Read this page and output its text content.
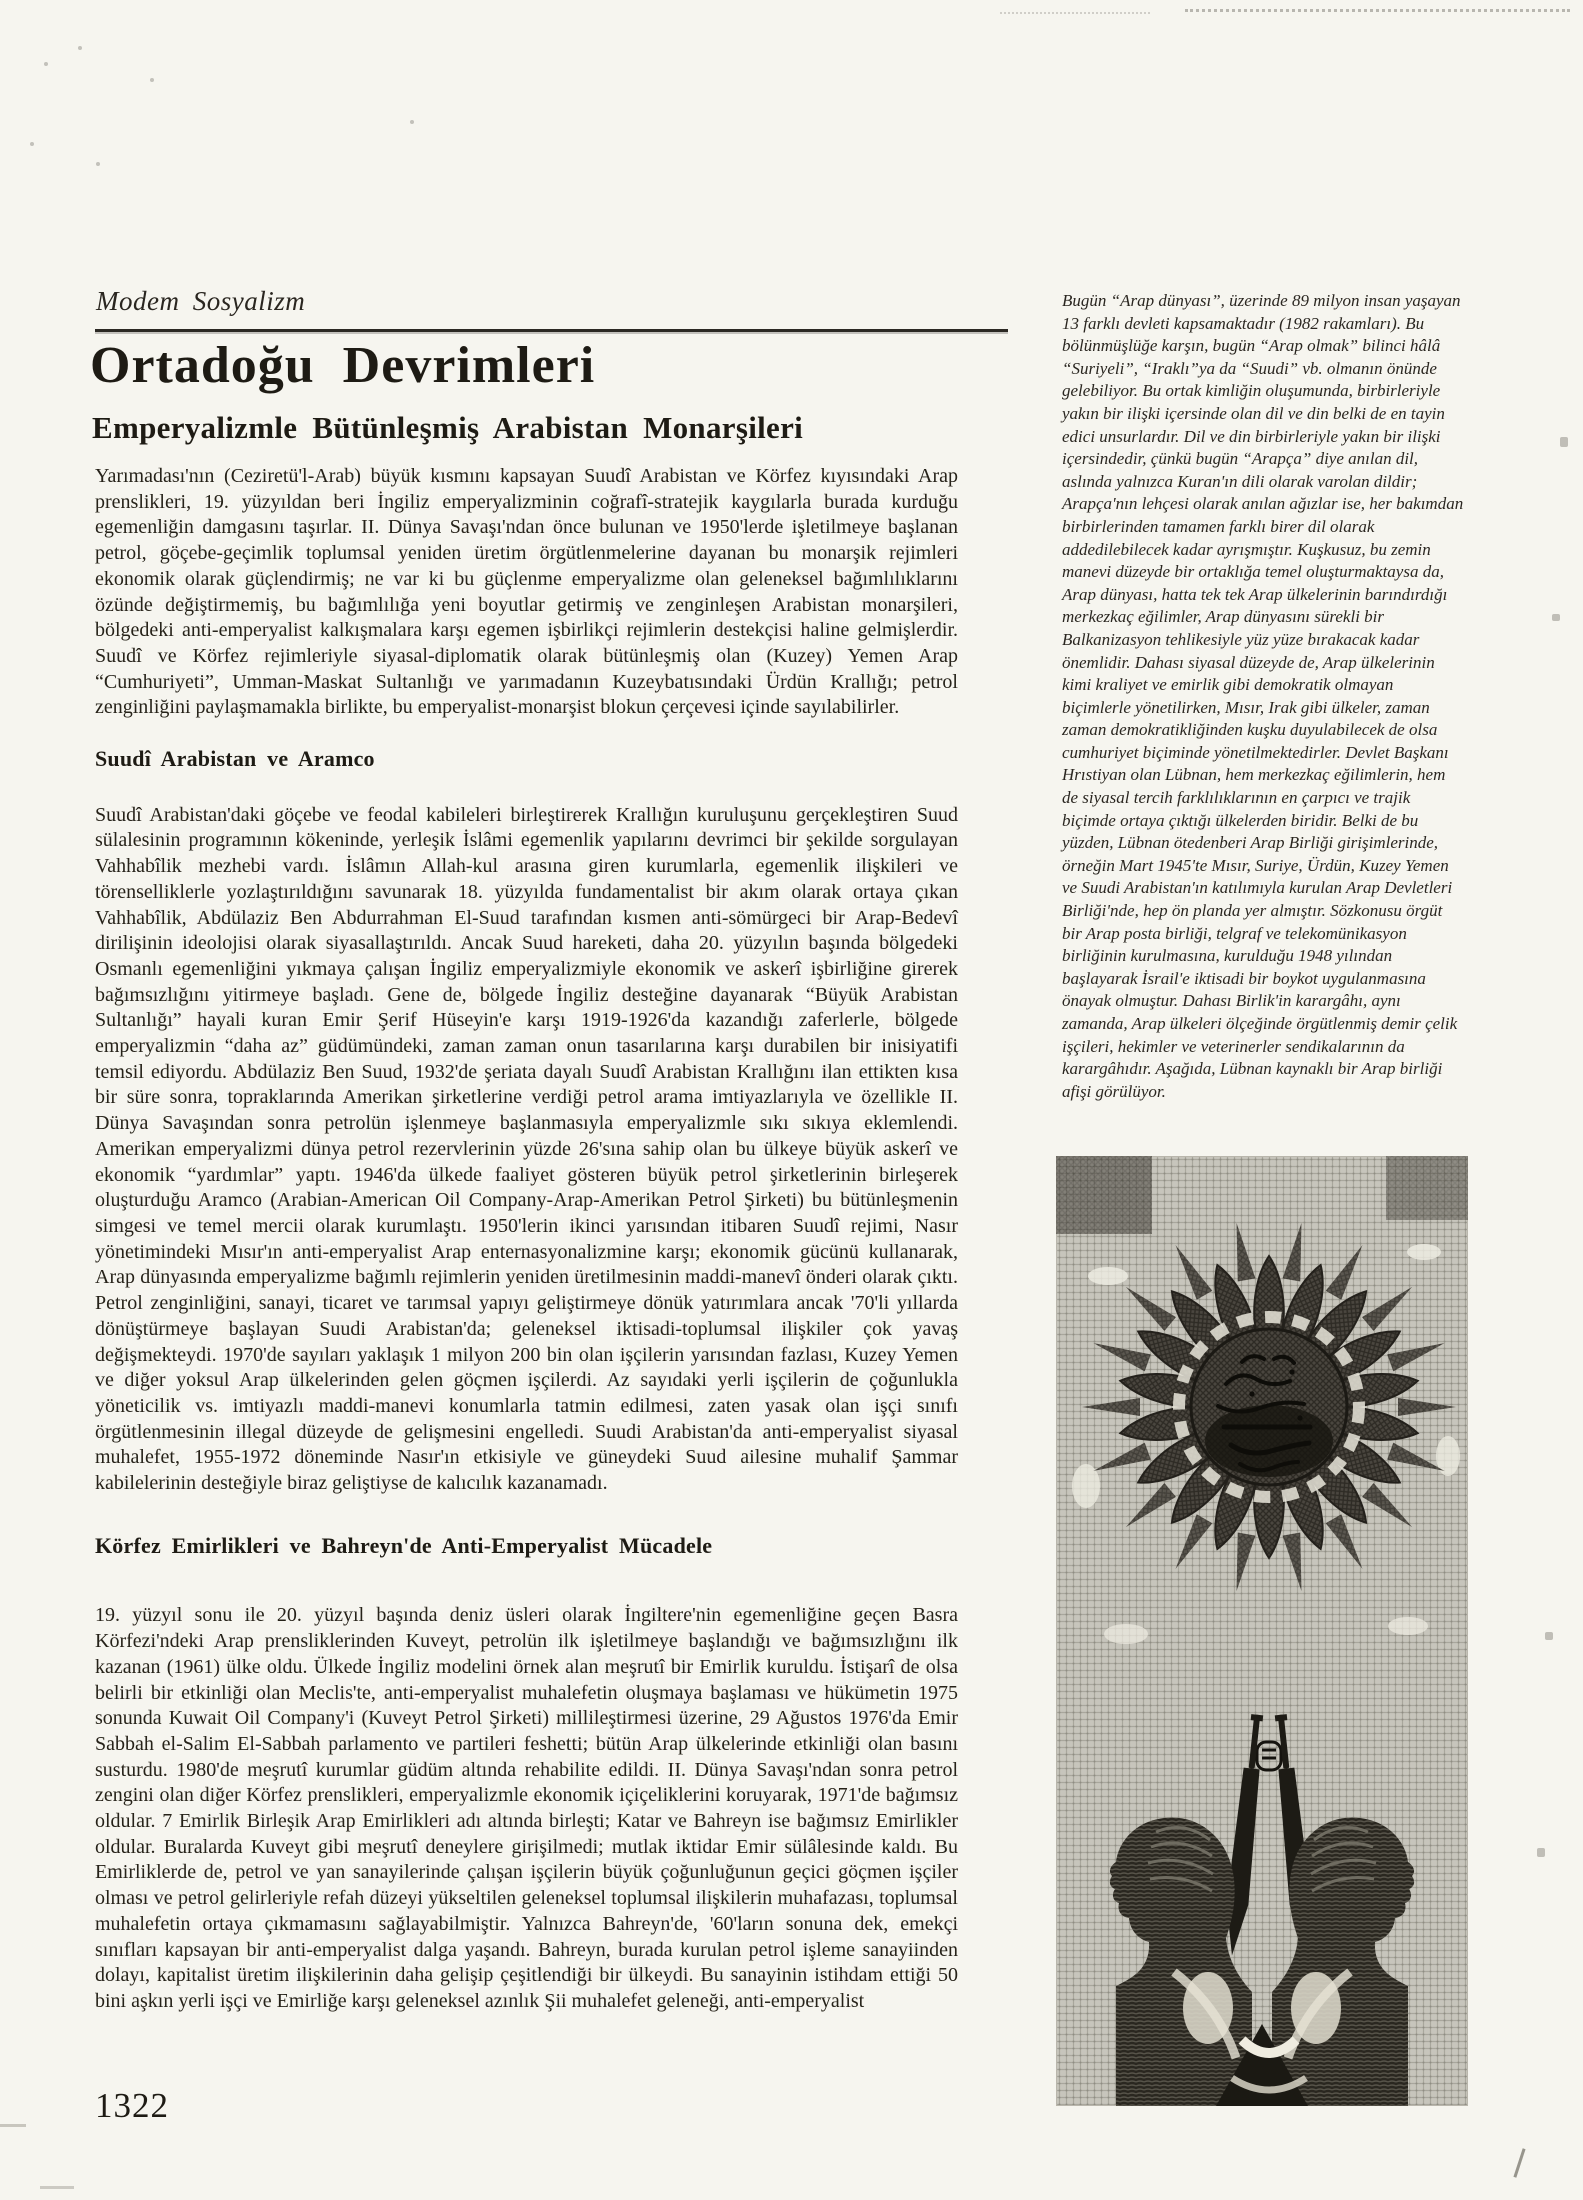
Modem Sosyalizm
Ortadoğu Devrimleri
Emperyalizmle Bütünleşmiş Arabistan Monarşileri

Yarımadası'nın (Ceziretü'l-Arab) büyük kısmını kapsayan Suudî Arabistan ve Körfez kıyısındaki Arap prenslikleri, 19. yüzyıldan beri İngiliz emperyalizminin coğrafî-stratejik kaygılarla burada kurduğu egemenliğin damgasını taşırlar. II. Dünya Savaşı'ndan önce bulunan ve 1950'lerde işletilmeye başlanan petrol, göçebe-geçimlik toplumsal yeniden üretim örgütlenmelerine dayanan bu monarşik rejimleri ekonomik olarak güçlendirmiş; ne var ki bu güçlenme emperyalizme olan geleneksel bağımlılıklarını özünde değiştirmemiş, bu bağımlılığa yeni boyutlar getirmiş ve zenginleşen Arabistan monarşileri, bölgedeki anti-emperyalist kalkışmalara karşı egemen işbirlikçi rejimlerin destekçisi haline gelmişlerdir. Suudî ve Körfez rejimleriyle siyasal-diplomatik olarak bütünleşmiş olan (Kuzey) Yemen Arap “Cumhuriyeti”, Umman-Maskat Sultanlığı ve yarımadanın Kuzeybatısındaki Ürdün Krallığı; petrol zenginliğini paylaşmamakla birlikte, bu emperyalist-monarşist blokun çerçevesi içinde sayılabilirler.

Suudî Arabistan ve Aramco

Suudî Arabistan'daki göçebe ve feodal kabileleri birleştirerek Krallığın kuruluşunu gerçekleştiren Suud sülalesinin programının kökeninde, yerleşik İslâmi egemenlik yapılarını devrimci bir şekilde sorgulayan Vahhabîlik mezhebi vardı. İslâmın Allah-kul arasına giren kurumlarla, egemenlik ilişkileri ve törenselliklerle yozlaştırıldığını savunarak 18. yüzyılda fundamentalist bir akım olarak ortaya çıkan Vahhabîlik, Abdülaziz Ben Abdurrahman El-Suud tarafından kısmen anti-sömürgeci bir Arap-Bedevî dirilişinin ideolojisi olarak siyasallaştırıldı. Ancak Suud hareketi, daha 20. yüzyılın başında bölgedeki Osmanlı egemenliğini yıkmaya çalışan İngiliz emperyalizmiyle ekonomik ve askerî işbirliğine girerek bağımsızlığını yitirmeye başladı. Gene de, bölgede İngiliz desteğine dayanarak “Büyük Arabistan Sultanlığı” hayali kuran Emir Şerif Hüseyin'e karşı 1919-1926'da kazandığı zaferlerle, bölgede emperyalizmin “daha az” güdümündeki, zaman zaman onun tasarılarına karşı durabilen bir inisiyatifi temsil ediyordu. Abdülaziz Ben Suud, 1932'de şeriata dayalı Suudî Arabistan Krallığını ilan ettikten kısa bir süre sonra, topraklarında Amerikan şirketlerine verdiği petrol arama imtiyazlarıyla ve özellikle II. Dünya Savaşından sonra petrolün işlenmeye başlanmasıyla emperyalizmle sıkı sıkıya eklemlendi. Amerikan emperyalizmi dünya petrol rezervlerinin yüzde 26'sına sahip olan bu ülkeye büyük askerî ve ekonomik “yardımlar” yaptı. 1946'da ülkede faaliyet gösteren büyük petrol şirketlerinin birleşerek oluşturduğu Aramco (Arabian-American Oil Company-Arap-Amerikan Petrol Şirketi) bu bütünleşmenin simgesi ve temel mercii olarak kurumlaştı. 1950'lerin ikinci yarısından itibaren Suudî rejimi, Nasır yönetimindeki Mısır'ın anti-emperyalist Arap enternasyonalizmine karşı; ekonomik gücünü kullanarak, Arap dünyasında emperyalizme bağımlı rejimlerin yeniden üretilmesinin maddi-manevî önderi olarak çıktı. Petrol zenginliğini, sanayi, ticaret ve tarımsal yapıyı geliştirmeye dönük yatırımlara ancak '70'li yıllarda dönüştürmeye başlayan Suudi Arabistan'da; geleneksel iktisadi-toplumsal ilişkiler çok yavaş değişmekteydi. 1970'de sayıları yaklaşık 1 milyon 200 bin olan işçilerin yarısından fazlası, Kuzey Yemen ve diğer yoksul Arap ülkelerinden gelen göçmen işçilerdi. Az sayıdaki yerli işçilerin de çoğunlukla yöneticilik vs. imtiyazlı maddi-manevi konumlarla tatmin edilmesi, zaten yasak olan işçi sınıfı örgütlenmesinin illegal düzeyde de gelişmesini engelledi. Suudi Arabistan'da anti-emperyalist siyasal muhalefet, 1955-1972 döneminde Nasır'ın etkisiyle ve güneydeki Suud ailesine muhalif Şammar kabilelerinin desteğiyle biraz geliştiyse de kalıcılık kazanamadı.

Körfez Emirlikleri ve Bahreyn'de Anti-Emperyalist Mücadele

19. yüzyıl sonu ile 20. yüzyıl başında deniz üsleri olarak İngiltere'nin egemenliğine geçen Basra Körfezi'ndeki Arap prensliklerinden Kuveyt, petrolün ilk işletilmeye başlandığı ve bağımsızlığını ilk kazanan (1961) ülke oldu. Ülkede İngiliz modelini örnek alan meşrutî bir Emirlik kuruldu. İstişarî de olsa belirli bir etkinliği olan Meclis'te, anti-emperyalist muhalefetin oluşmaya başlaması ve hükümetin 1975 sonunda Kuwait Oil Company'i (Kuveyt Petrol Şirketi) millileştirmesi üzerine, 29 Ağustos 1976'da Emir Sabbah el-Salim El-Sabbah parlamento ve partileri feshetti; bütün Arap ülkelerinde etkinliği olan basını susturdu. 1980'de meşrutî kurumlar güdüm altında rehabilite edildi. II. Dünya Savaşı'ndan sonra petrol zengini olan diğer Körfez prenslikleri, emperyalizmle ekonomik içiçeliklerini koruyarak, 1971'de bağımsız oldular. 7 Emirlik Birleşik Arap Emirlikleri adı altında birleşti; Katar ve Bahreyn ise bağımsız Emirlikler oldular. Buralarda Kuveyt gibi meşrutî deneylere girişilmedi; mutlak iktidar Emir sülâlesinde kaldı. Bu Emirliklerde de, petrol ve yan sanayilerinde çalışan işçilerin büyük çoğunluğunun geçici göçmen işçiler olması ve petrol gelirleriyle refah düzeyi yükseltilen geleneksel toplumsal ilişkilerin muhafazası, toplumsal muhalefetin ortaya çıkmamasını sağlayabilmiştir. Yalnızca Bahreyn'de, '60'ların sonuna dek, emekçi sınıfları kapsayan bir anti-emperyalist dalga yaşandı. Bahreyn, burada kurulan petrol işleme sanayiinden dolayı, kapitalist üretim ilişkilerinin daha gelişip çeşitlendiği bir ülkeydi. Bu sanayinin istihdam ettiği 50 bini aşkın yerli işçi ve Emirliğe karşı geleneksel azınlık Şii muhalefet geleneği, anti-emperyalist

1322

Bugün “Arap dünyası”, üzerinde 89 milyon insan yaşayan 13 farklı devleti kapsamaktadır (1982 rakamları). Bu bölünmüşlüğe karşın, bugün “Arap olmak” bilinci hâlâ “Suriyeli”, “Iraklı”ya da “Suudi” vb. olmanın önünde gelebiliyor. Bu ortak kimliğin oluşumunda, birbirleriyle yakın bir ilişki içersinde olan dil ve din belki de en tayin edici unsurlardır. Dil ve din birbirleriyle yakın bir ilişki içersindedir, çünkü bugün “Arapça” diye anılan dil, aslında yalnızca Kuran'ın dili olarak varolan dildir; Arapça'nın lehçesi olarak anılan ağızlar ise, her bakımdan birbirlerinden tamamen farklı birer dil olarak addedilebilecek kadar ayrışmıştır. Kuşkusuz, bu zemin manevi düzeyde bir ortaklığa temel oluşturmaktaysa da, Arap dünyası, hatta tek tek Arap ülkelerinin barındırdığı merkezkaç eğilimler, Arap dünyasını sürekli bir Balkanizasyon tehlikesiyle yüz yüze bırakacak kadar önemlidir. Dahası siyasal düzeyde de, Arap ülkelerinin kimi kraliyet ve emirlik gibi demokratik olmayan biçimlerle yönetilirken, Mısır, Irak gibi ülkeler, zaman zaman demokratikliğinden kuşku duyulabilecek de olsa cumhuriyet biçiminde yönetilmektedirler. Devlet Başkanı Hrıstiyan olan Lübnan, hem merkezkaç eğilimlerin, hem de siyasal tercih farklılıklarının en çarpıcı ve trajik biçimde ortaya çıktığı ülkelerden biridir. Belki de bu yüzden, Lübnan ötedenberi Arap Birliği girişimlerinde, örneğin Mart 1945'te Mısır, Suriye, Ürdün, Kuzey Yemen ve Suudi Arabistan'ın katılımıyla kurulan Arap Devletleri Birliği'nde, hep ön planda yer almıştır. Sözkonusu örgüt bir Arap posta birliği, telgraf ve telekomünikasyon birliğinin kurulmasına, kurulduğu 1948 yılından başlayarak İsrail'e iktisadi bir boykot uygulanmasına önayak olmuştur. Dahası Birlik'in karargâhı, aynı zamanda, Arap ülkeleri ölçeğinde örgütlenmiş demir çelik işçileri, hekimler ve veterinerler sendikalarının da karargâhıdır. Aşağıda, Lübnan kaynaklı bir Arap birliği afişi görülüyor.
